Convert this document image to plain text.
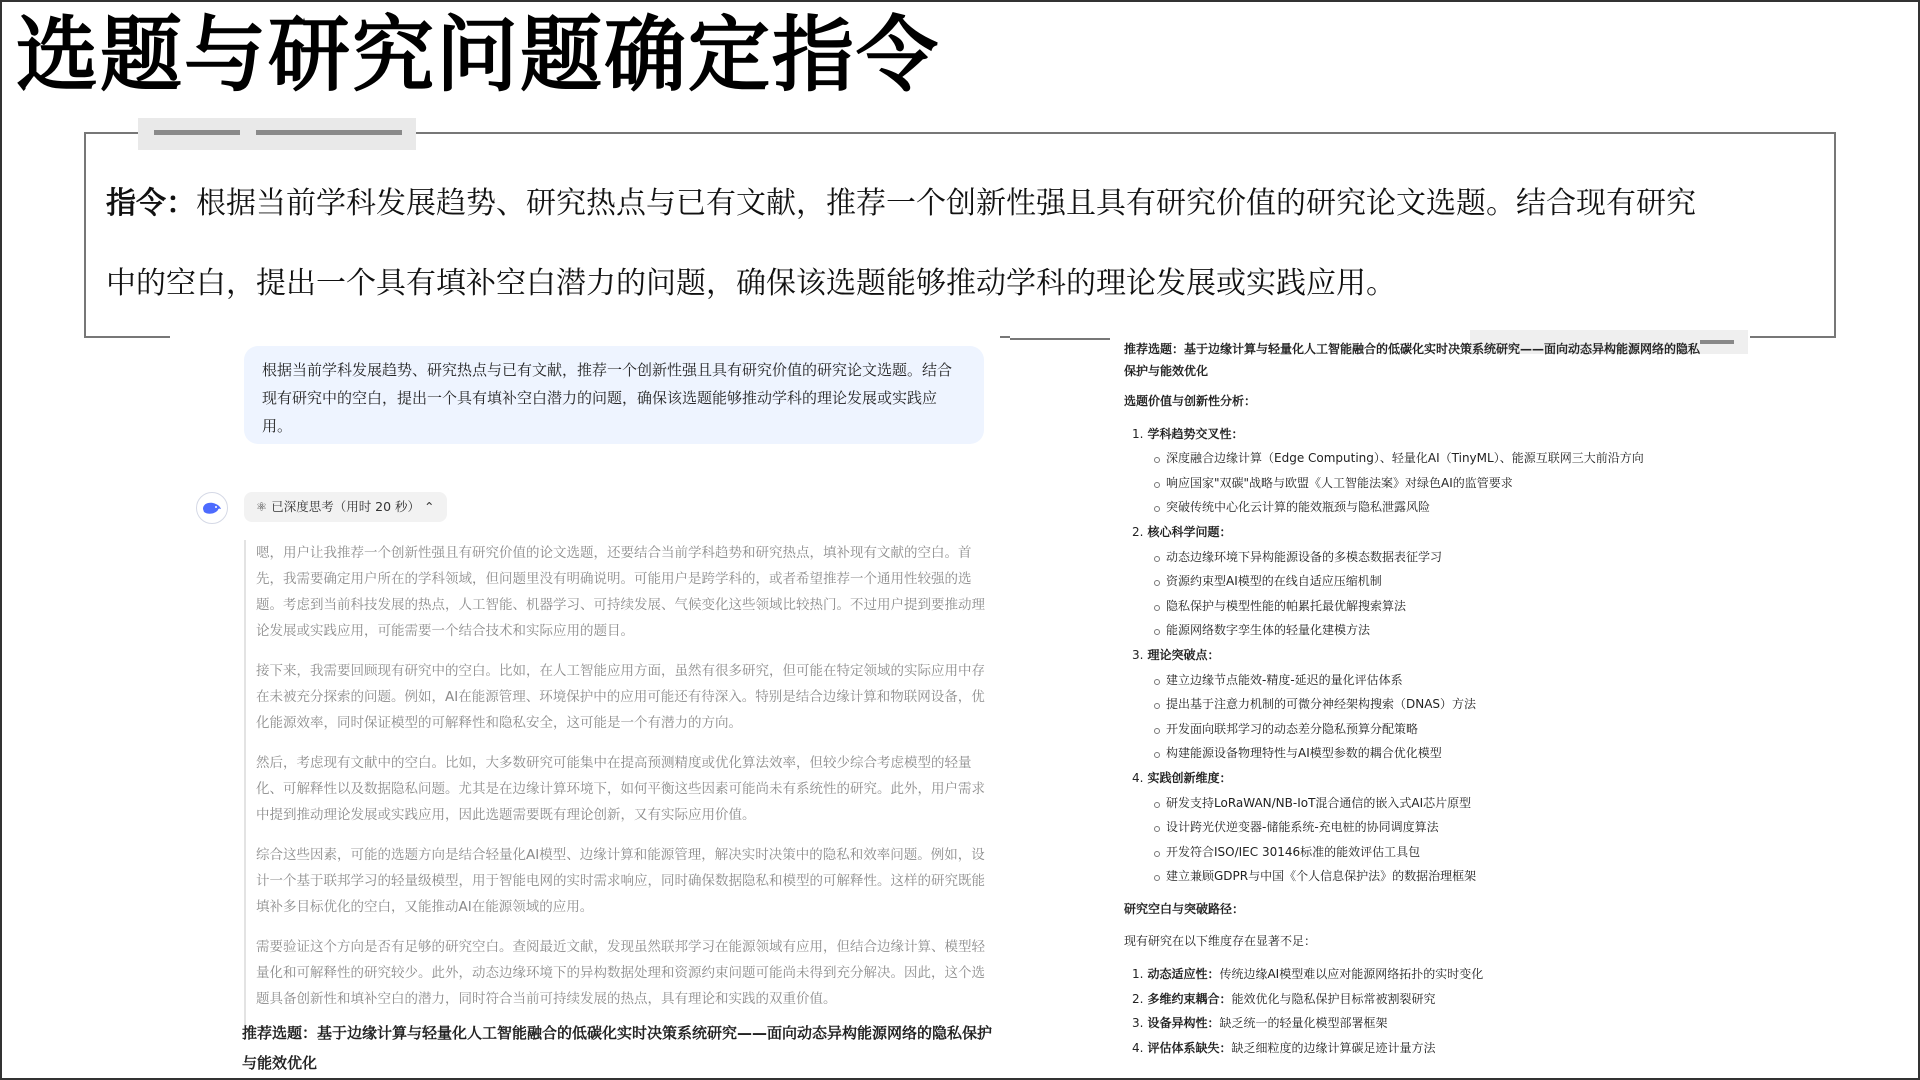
选题与研究问题确定指令
指令：根据当前学科发展趋势、研究热点与已有文献，推荐一个创新性强且具有研究价值的研究论文选题。结合现有研究
中的空白，提出一个具有填补空白潜力的问题，确保该选题能够推动学科的理论发展或实践应用。
根据当前学科发展趋势、研究热点与已有文献，推荐一个创新性强且具有研究价值的研究论文选题。结合现有研究中的空白，提出一个具有填补空白潜力的问题，确保该选题能够推动学科的理论发展或实践应用。
⚛ 已深度思考（用时 20 秒） ⌃

嗯，用户让我推荐一个创新性强且有研究价值的论文选题，还要结合当前学科趋势和研究热点，填补现有文献的空白。首先，我需要确定用户所在的学科领域，但问题里没有明确说明。可能用户是跨学科的，或者希望推荐一个通用性较强的选题。考虑到当前科技发展的热点，人工智能、机器学习、可持续发展、气候变化这些领域比较热门。不过用户提到要推动理论发展或实践应用，可能需要一个结合技术和实际应用的题目。

接下来，我需要回顾现有研究中的空白。比如，在人工智能应用方面，虽然有很多研究，但可能在特定领域的实际应用中存在未被充分探索的问题。例如，AI在能源管理、环境保护中的应用可能还有待深入。特别是结合边缘计算和物联网设备，优化能源效率，同时保证模型的可解释性和隐私安全，这可能是一个有潜力的方向。

然后，考虑现有文献中的空白。比如，大多数研究可能集中在提高预测精度或优化算法效率，但较少综合考虑模型的轻量化、可解释性以及数据隐私问题。尤其是在边缘计算环境下，如何平衡这些因素可能尚未有系统性的研究。此外，用户需求中提到推动理论发展或实践应用，因此选题需要既有理论创新，又有实际应用价值。

综合这些因素，可能的选题方向是结合轻量化AI模型、边缘计算和能源管理，解决实时决策中的隐私和效率问题。例如，设计一个基于联邦学习的轻量级模型，用于智能电网的实时需求响应，同时确保数据隐私和模型的可解释性。这样的研究既能填补多目标优化的空白，又能推动AI在能源领域的应用。

需要验证这个方向是否有足够的研究空白。查阅最近文献，发现虽然联邦学习在能源领域有应用，但结合边缘计算、模型轻量化和可解释性的研究较少。此外，动态边缘环境下的异构数据处理和资源约束问题可能尚未得到充分解决。因此，这个选题具备创新性和填补空白的潜力，同时符合当前可持续发展的热点，具有理论和实践的双重价值。

推荐选题：基于边缘计算与轻量化人工智能融合的低碳化实时决策系统研究——面向动态异构能源网络的隐私保护与能效优化
推荐选题：基于边缘计算与轻量化人工智能融合的低碳化实时决策系统研究——面向动态异构能源网络的隐私保护与能效优化
选题价值与创新性分析：
1. 学科趋势交叉性：
深度融合边缘计算（Edge Computing）、轻量化AI（TinyML）、能源互联网三大前沿方向
响应国家"双碳"战略与欧盟《人工智能法案》对绿色AI的监管要求
突破传统中心化云计算的能效瓶颈与隐私泄露风险
2. 核心科学问题：
动态边缘环境下异构能源设备的多模态数据表征学习
资源约束型AI模型的在线自适应压缩机制
隐私保护与模型性能的帕累托最优解搜索算法
能源网络数字孪生体的轻量化建模方法
3. 理论突破点：
建立边缘节点能效-精度-延迟的量化评估体系
提出基于注意力机制的可微分神经架构搜索（DNAS）方法
开发面向联邦学习的动态差分隐私预算分配策略
构建能源设备物理特性与AI模型参数的耦合优化模型
4. 实践创新维度：
研发支持LoRaWAN/NB-IoT混合通信的嵌入式AI芯片原型
设计跨光伏逆变器-储能系统-充电桩的协同调度算法
开发符合ISO/IEC 30146标准的能效评估工具包
建立兼顾GDPR与中国《个人信息保护法》的数据治理框架
研究空白与突破路径：
现有研究在以下维度存在显著不足：
1. 动态适应性：传统边缘AI模型难以应对能源网络拓扑的实时变化
2. 多维约束耦合：能效优化与隐私保护目标常被割裂研究
3. 设备异构性：缺乏统一的轻量化模型部署框架
4. 评估体系缺失：缺乏细粒度的边缘计算碳足迹计量方法
